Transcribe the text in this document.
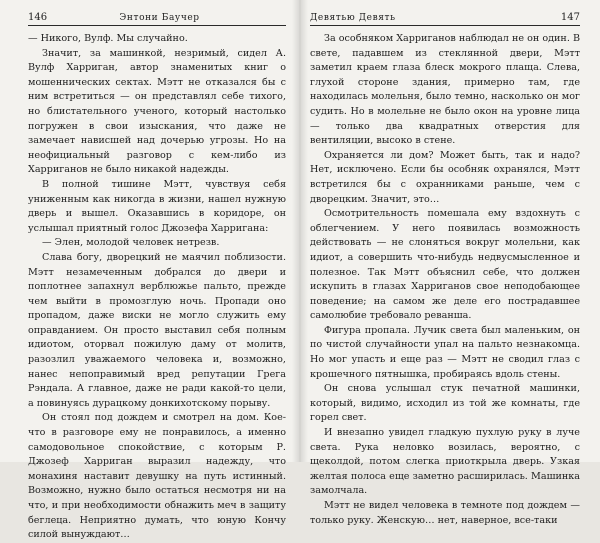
146	Энтони Баучер

— Никого, Вулф. Мы случайно.

Значит, за машинкой, незримый, сидел А. Вулф Харриган, автор знаменитых книг о мошеннических сектах. Мэтт не отказался бы с ним встретиться — он представлял себе тихого, но блистательного ученого, который настолько погружен в свои изыскания, что даже не замечает нависшей над дочерью угрозы. Но на неофициальный разговор с кем-либо из Харриганов не было никакой надежды.

В полной тишине Мэтт, чувствуя себя униженным как никогда в жизни, нашел нужную дверь и вышел. Оказавшись в коридоре, он услышал приятный голос Джозефа Харригана:

— Элен, молодой человек нетрезв.

Слава богу, дворецкий не маячил поблизости. Мэтт незамеченным добрался до двери и поплотнее запахнул верблюжье пальто, прежде чем выйти в промозглую ночь. Пропади оно пропадом, даже виски не могло служить ему оправданием. Он просто выставил себя полным идиотом, оторвал пожилую даму от молитв, разозлил уважаемого человека и, возможно, нанес непоправимый вред репутации Грега Рэндала. А главное, даже не ради какой-то цели, а повинуясь дурацкому донкихотскому порыву.

Он стоял под дождем и смотрел на дом. Кое-что в разговоре ему не понравилось, а именно самодовольное спокойствие, с которым Р. Джозеф Харриган выразил надежду, что монахиня наставит девушку на путь истинный. Возможно, нужно было остаться несмотря ни на что, и при необходимости обнажить меч в защиту беглеца. Неприятно думать, что юную Кончу силой вынуждают…

Девятью Девять	147

За особняком Харриганов наблюдал не он один. В свете, падавшем из стеклянной двери, Мэтт заметил краем глаза блеск мокрого плаща. Слева, глухой стороне здания, примерно там, где находилась молельня, было темно, насколько он мог судить. Но в молельне не было окон на уровне лица — только два квадратных отверстия для вентиляции, высоко в стене.

Охраняется ли дом? Может быть, так и надо? Нет, исключено. Если бы особняк охранялся, Мэтт встретился бы с охранниками раньше, чем с дворецким. Значит, это…

Осмотрительность помешала ему вздохнуть с облегчением. У него появилась возможность действовать — не слоняться вокруг молельни, как идиот, а совершить что-нибудь недвусмысленное и полезное. Так Мэтт объяснил себе, что должен искупить в глазах Харриганов свое неподобающее поведение; на самом же деле его пострадавшее самолюбие требовало реванша.

Фигура пропала. Лучик света был маленьким, он по чистой случайности упал на пальто незнакомца. Но мог упасть и еще раз — Мэтт не сводил глаз с крошечного пятнышка, пробираясь вдоль стены.

Он снова услышал стук печатной машинки, который, видимо, исходил из той же комнаты, где горел свет.

И внезапно увидел гладкую пухлую руку в луче света. Рука неловко возилась, вероятно, с щеколдой, потом слегка приоткрыла дверь. Узкая желтая полоса еще заметно расширилась. Машинка замолчала.

Мэтт не видел человека в темноте под дождем — только руку. Женскую… нет, наверное, все-таки
